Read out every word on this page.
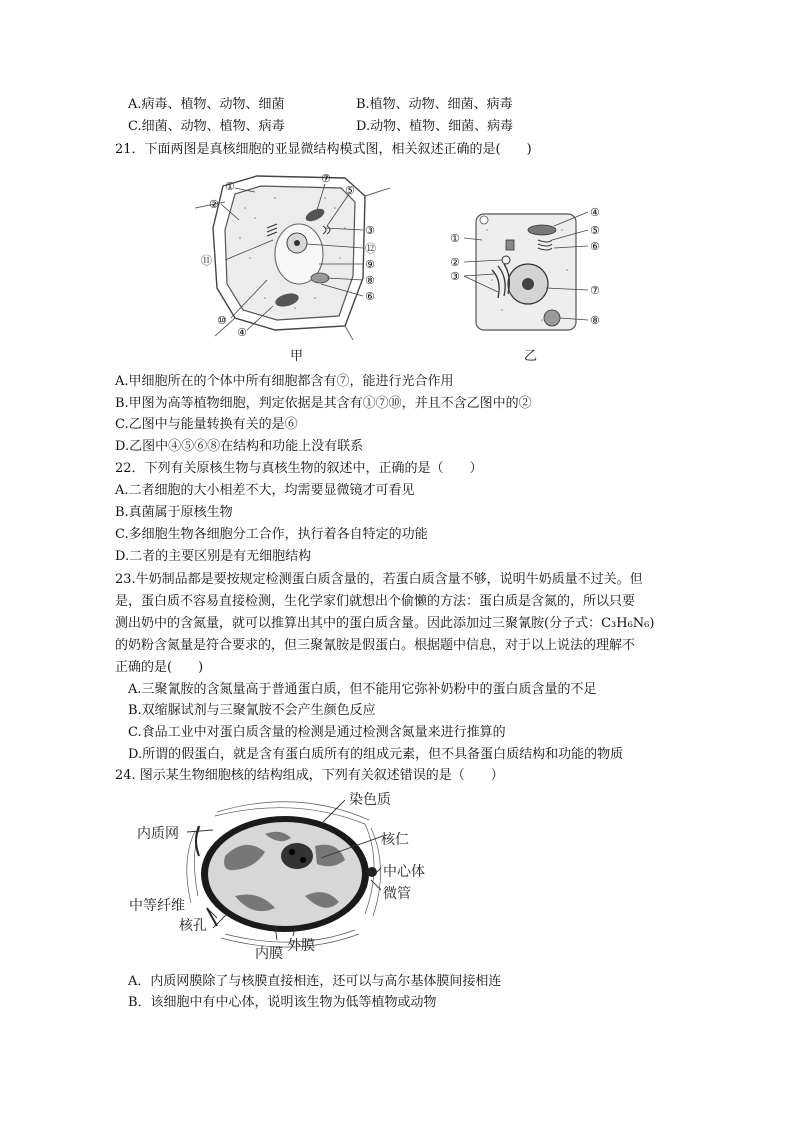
A.病毒、植物、动物、细菌	B.植物、动物、细菌、病毒
C.细菌、动物、植物、病毒	D.动物、植物、细菌、病毒
21．下面两图是真核细胞的亚显微结构模式图，相关叙述正确的是(　　)
①
②
⑪
⑩
④
⑦
⑤
③
⑫
⑨
⑧
⑥
甲
④
⑤
⑥
①
②
③
⑦
⑧
乙
A.甲细胞所在的个体中所有细胞都含有⑦，能进行光合作用
B.甲图为高等植物细胞，判定依据是其含有①⑦⑩，并且不含乙图中的②
C.乙图中与能量转换有关的是⑥
D.乙图中④⑤⑥⑧在结构和功能上没有联系
22．下列有关原核生物与真核生物的叙述中，正确的是（　　）
A.二者细胞的大小相差不大，均需要显微镜才可看见
B.真菌属于原核生物
C.多细胞生物各细胞分工合作，执行着各自特定的功能
D.二者的主要区别是有无细胞结构
23.牛奶制品都是要按规定检测蛋白质含量的，若蛋白质含量不够，说明牛奶质量不过关。但
是，蛋白质不容易直接检测，生化学家们就想出个偷懒的方法：蛋白质是含氮的，所以只要
测出奶中的含氮量，就可以推算出其中的蛋白质含量。因此添加过三聚氰胺(分子式：C₃H₆N₆)
的奶粉含氮量是符合要求的，但三聚氰胺是假蛋白。根据题中信息，对于以上说法的理解不
正确的是(　　)
A.三聚氰胺的含氮量高于普通蛋白质，但不能用它弥补奶粉中的蛋白质含量的不足
B.双缩脲试剂与三聚氰胺不会产生颜色反应
C.食品工业中对蛋白质含量的检测是通过检测含氮量来进行推算的
D.所谓的假蛋白，就是含有蛋白质所有的组成元素，但不具备蛋白质结构和功能的物质
24. 图示某生物细胞核的结构组成，下列有关叙述错误的是（　　）
染色质
内质网	核仁
中心体
微管
中等纤维
核孔
内膜 外膜
A．内质网膜除了与核膜直接相连，还可以与高尔基体膜间接相连
B．该细胞中有中心体，说明该生物为低等植物或动物
